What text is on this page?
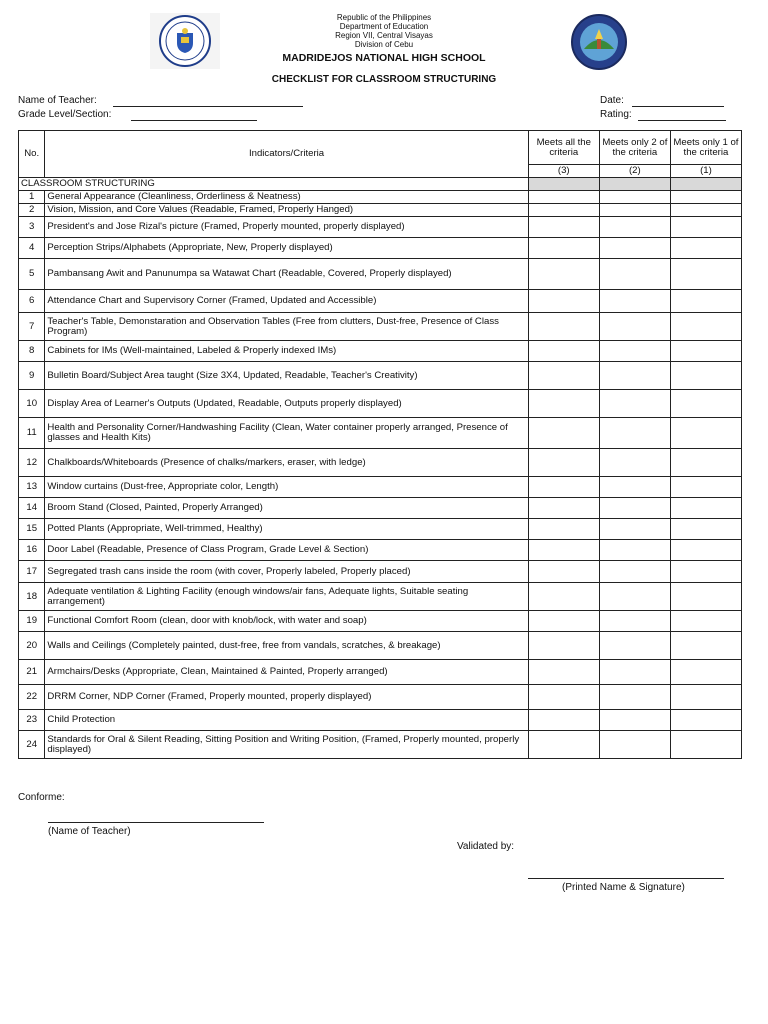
Republic of the Philippines
Department of Education
Region VII, Central Visayas
Division of Cebu
MADRIDEJOS NATIONAL HIGH SCHOOL
CHECKLIST FOR CLASSROOM STRUCTURING
Name of Teacher:
Grade Level/Section:
Date:
Rating:
No.	Indicators/Criteria	Meets all the criteria	Meets only 2 of the criteria	Meets only 1 of the criteria
		(3)	(2)	(1)
CLASSROOM STRUCTURING				
1	General Appearance (Cleanliness, Orderliness & Neatness)			
2	Vision, Mission, and Core Values (Readable, Framed, Properly Hanged)			
3	President's and Jose Rizal's picture (Framed, Properly mounted, properly displayed)			
4	Perception Strips/Alphabets (Appropriate, New, Properly displayed)			
5	Pambansang Awit and Panunumpa sa Watawat Chart (Readable, Covered, Properly displayed)			
6	Attendance Chart and Supervisory Corner (Framed, Updated and Accessible)			
7	Teacher's Table, Demonstaration and Observation Tables (Free from clutters, Dust-free, Presence of Class Program)			
8	Cabinets for IMs (Well-maintained, Labeled & Properly indexed IMs)			
9	Bulletin Board/Subject Area taught (Size 3X4, Updated, Readable, Teacher's Creativity)			
10	Display Area of Learner's Outputs (Updated, Readable, Outputs properly displayed)			
11	Health and Personality Corner/Handwashing Facility (Clean, Water container properly arranged, Presence of glasses and Health Kits)			
12	Chalkboards/Whiteboards (Presence of chalks/markers, eraser, with ledge)			
13	Window curtains (Dust-free, Appropriate color, Length)			
14	Broom Stand (Closed, Painted, Properly Arranged)			
15	Potted Plants (Appropriate, Well-trimmed, Healthy)			
16	Door Label (Readable, Presence of Class Program, Grade Level & Section)			
17	Segregated trash cans inside the room (with cover, Properly labeled, Properly placed)			
18	Adequate ventilation & Lighting Facility (enough windows/air fans, Adequate lights, Suitable seating arrangement)			
19	Functional Comfort Room (clean, door with knob/lock, with water and soap)			
20	Walls and Ceilings (Completely painted, dust-free, free from vandals, scratches, & breakage)			
21	Armchairs/Desks (Appropriate, Clean, Maintained & Painted, Properly arranged)			
22	DRRM Corner, NDP Corner (Framed, Properly mounted, properly displayed)			
23	Child Protection			
24	Standards for Oral & Silent Reading, Sitting Position and Writing Position, (Framed, Properly mounted, properly displayed)			
Conforme:
(Name of Teacher)
Validated by:
(Printed Name & Signature)
